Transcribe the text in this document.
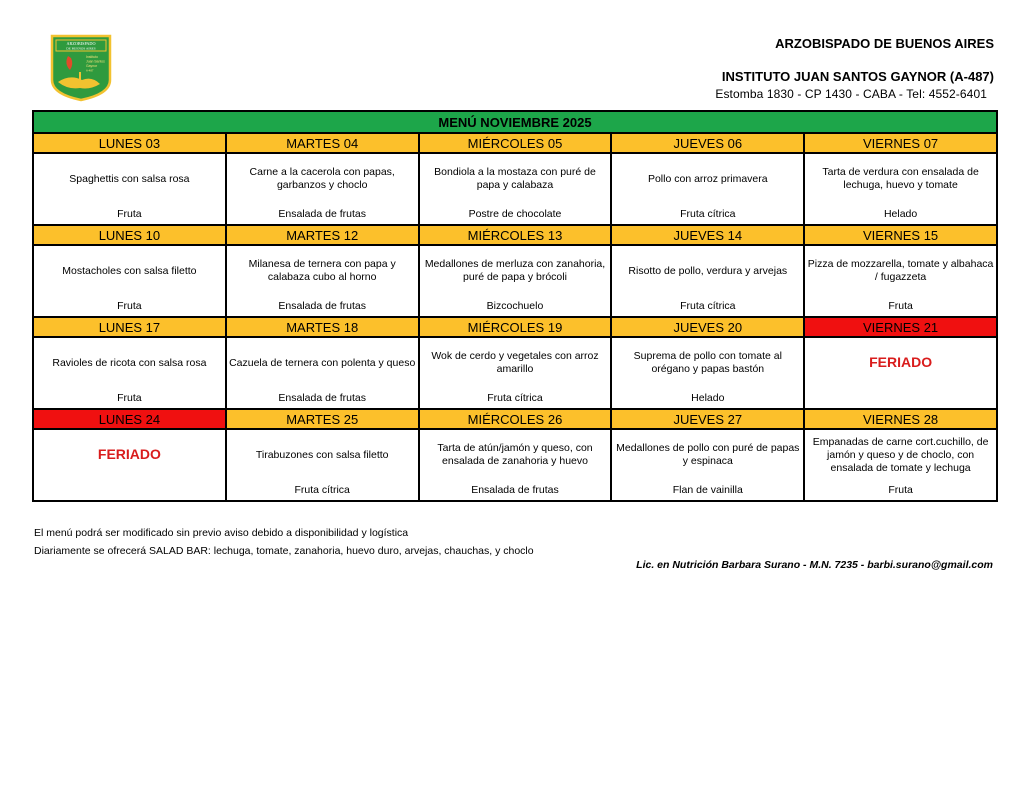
ARZOBISPADO
DE BUENOS AIRES
Instituto
Juan Santos
Gaynor
A-487
ARZOBISPADO DE BUENOS AIRES
INSTITUTO JUAN SANTOS GAYNOR (A-487)
Estomba 1830 - CP 1430 - CABA - Tel: 4552-6401
MENÚ NOVIEMBRE 2025				
LUNES 03	MARTES 04	MIÉRCOLES 05	JUEVES 06	VIERNES 07
Spaghettis con salsa rosa	Carne a la cacerola con papas, garbanzos y choclo	Bondiola a la mostaza con puré de papa y calabaza	Pollo con arroz primavera	Tarta de verdura con ensalada de lechuga, huevo y tomate
Fruta	Ensalada de frutas	Postre de chocolate	Fruta cítrica	Helado
LUNES 10	MARTES 12	MIÉRCOLES 13	JUEVES 14	VIERNES 15
Mostacholes con salsa filetto	Milanesa de ternera con papa y calabaza cubo al horno	Medallones de merluza con zanahoria, puré de papa y brócoli	Risotto de pollo, verdura y arvejas	Pizza de mozzarella, tomate y albahaca / fugazzeta
Fruta	Ensalada de frutas	Bizcochuelo	Fruta cítrica	Fruta
LUNES 17	MARTES 18	MIÉRCOLES 19	JUEVES 20	VIERNES 21
Ravioles de ricota con salsa rosa	Cazuela de ternera con polenta y queso	Wok de cerdo y vegetales con arroz amarillo	Suprema de pollo con tomate al orégano y papas bastón	FERIADO
Fruta	Ensalada de frutas	Fruta cítrica	Helado	
LUNES 24	MARTES 25	MIÉRCOLES 26	JUEVES 27	VIERNES 28
FERIADO	Tirabuzones con salsa filetto	Tarta de atún/jamón y queso, con ensalada de zanahoria y huevo	Medallones de pollo con puré de papas y espinaca	Empanadas de carne cort.cuchillo, de jamón y queso y de choclo, con ensalada de tomate y lechuga
	Fruta cítrica	Ensalada de frutas	Flan de vainilla	Fruta
El menú podrá ser modificado sin previo aviso debido a disponibilidad y logística
Diariamente se ofrecerá SALAD BAR: lechuga, tomate, zanahoria, huevo duro, arvejas, chauchas, y choclo
Lic. en Nutrición Barbara Surano - M.N. 7235 - barbi.surano@gmail.com
